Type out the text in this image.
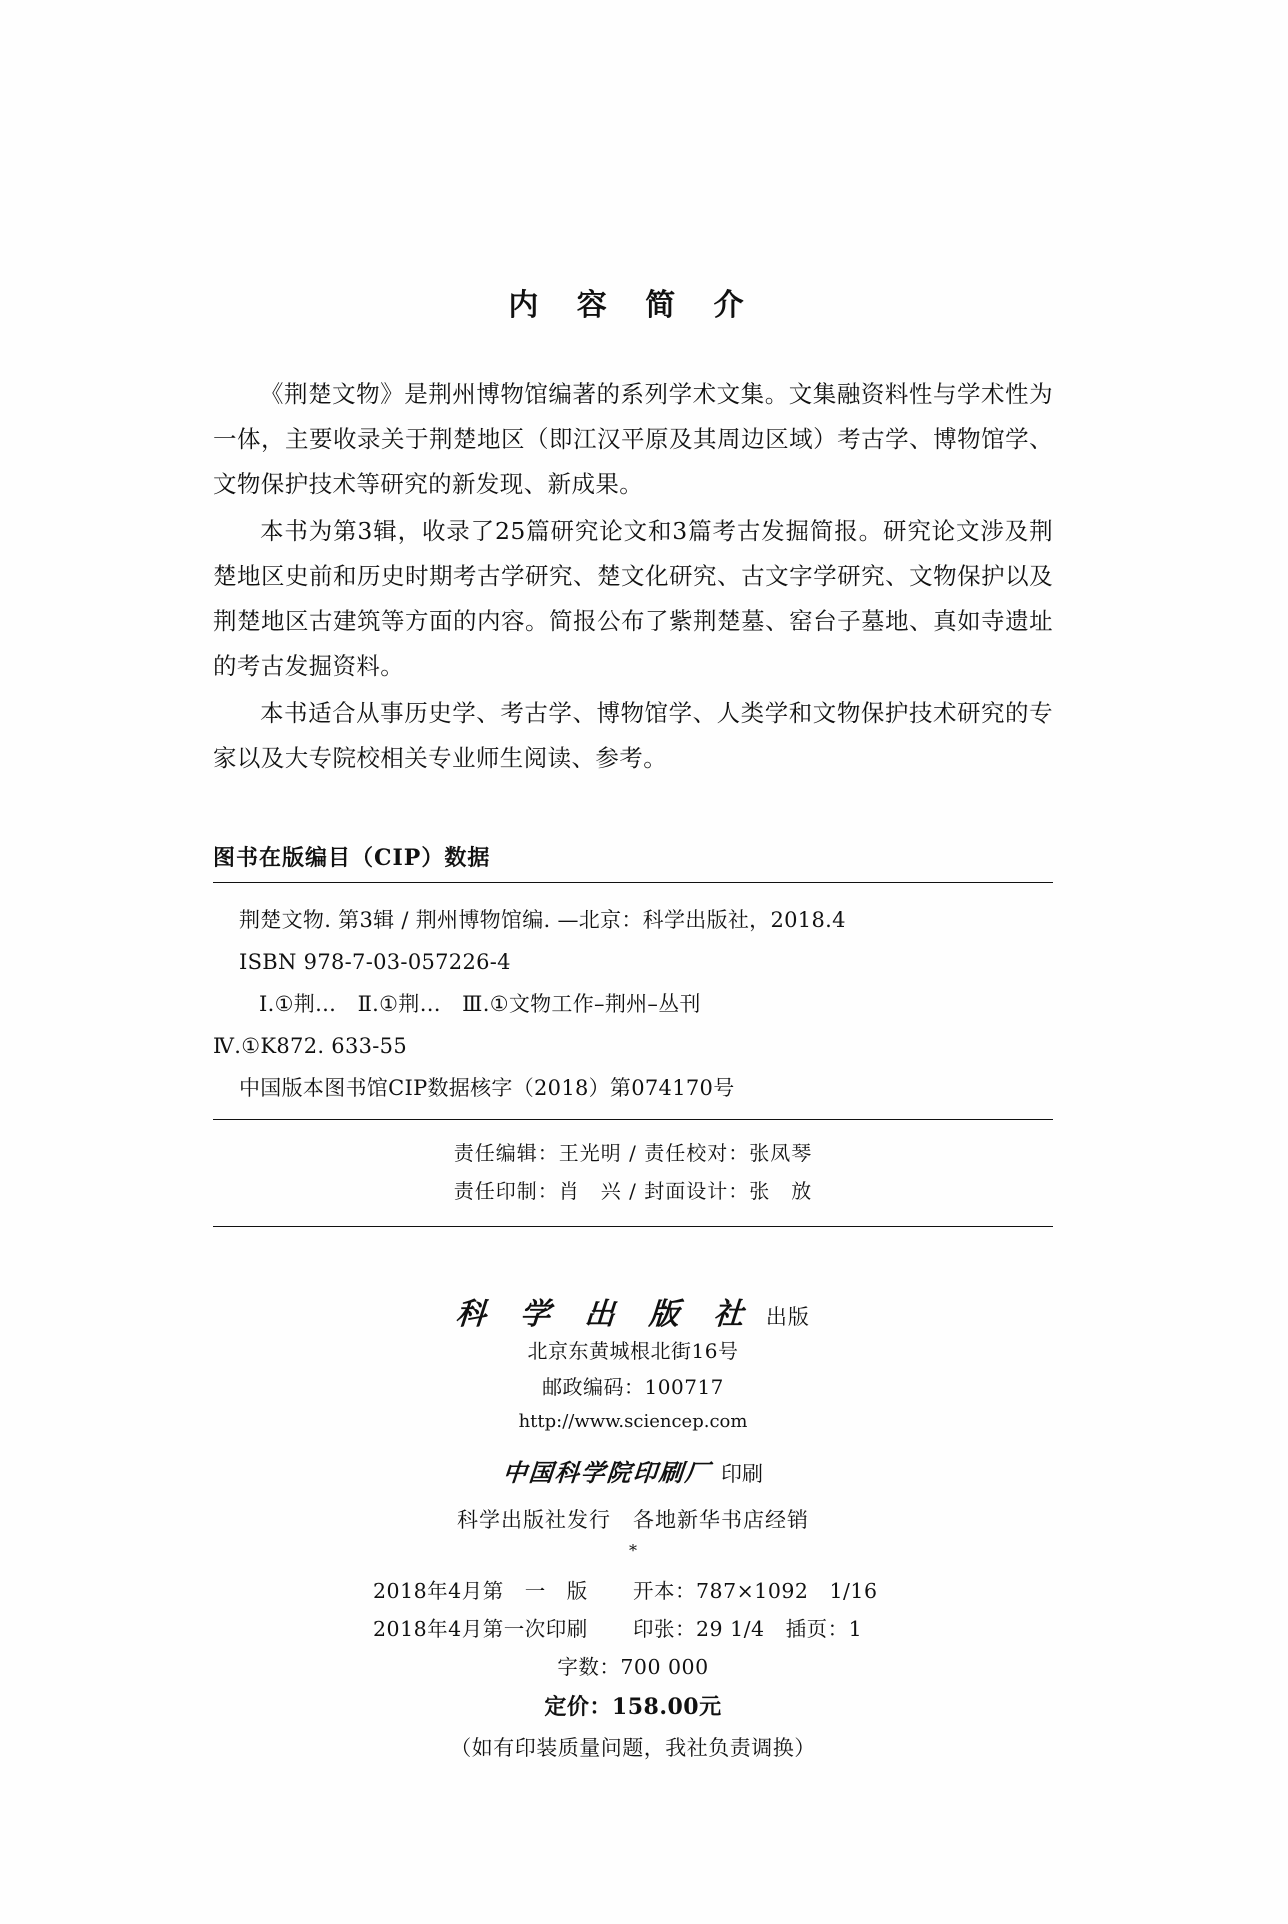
内 容 简 介

《荆楚文物》是荆州博物馆编著的系列学术文集。文集融资料性与学术性为一体，主要收录关于荆楚地区（即江汉平原及其周边区域）考古学、博物馆学、文物保护技术等研究的新发现、新成果。

本书为第3辑，收录了25篇研究论文和3篇考古发掘简报。研究论文涉及荆楚地区史前和历史时期考古学研究、楚文化研究、古文字学研究、文物保护以及荆楚地区古建筑等方面的内容。简报公布了紫荆楚墓、窑台子墓地、真如寺遗址的考古发掘资料。

本书适合从事历史学、考古学、博物馆学、人类学和文物保护技术研究的专家以及大专院校相关专业师生阅读、参考。

图书在版编目（CIP）数据
荆楚文物. 第3辑 / 荆州博物馆编. —北京：科学出版社，2018.4
ISBN 978-7-03-057226-4
Ⅰ.①荆…　Ⅱ.①荆…　Ⅲ.①文物工作–荆州–丛刊
Ⅳ.①K872. 633-55
中国版本图书馆CIP数据核字（2018）第074170号
责任编辑：王光明 / 责任校对：张凤琴
责任印制：肖　兴 / 封面设计：张　放
科 学 出 版 社 出版
北京东黄城根北街16号
邮政编码：100717
http://www.sciencep.com
中国科学院印刷厂 印刷
科学出版社发行　各地新华书店经销
*
2018年4月第　一　版	开本：787×1092　1/16
2018年4月第一次印刷	印张：29 1/4　插页：1
字数：700 000
定价：158.00元
（如有印装质量问题，我社负责调换）
